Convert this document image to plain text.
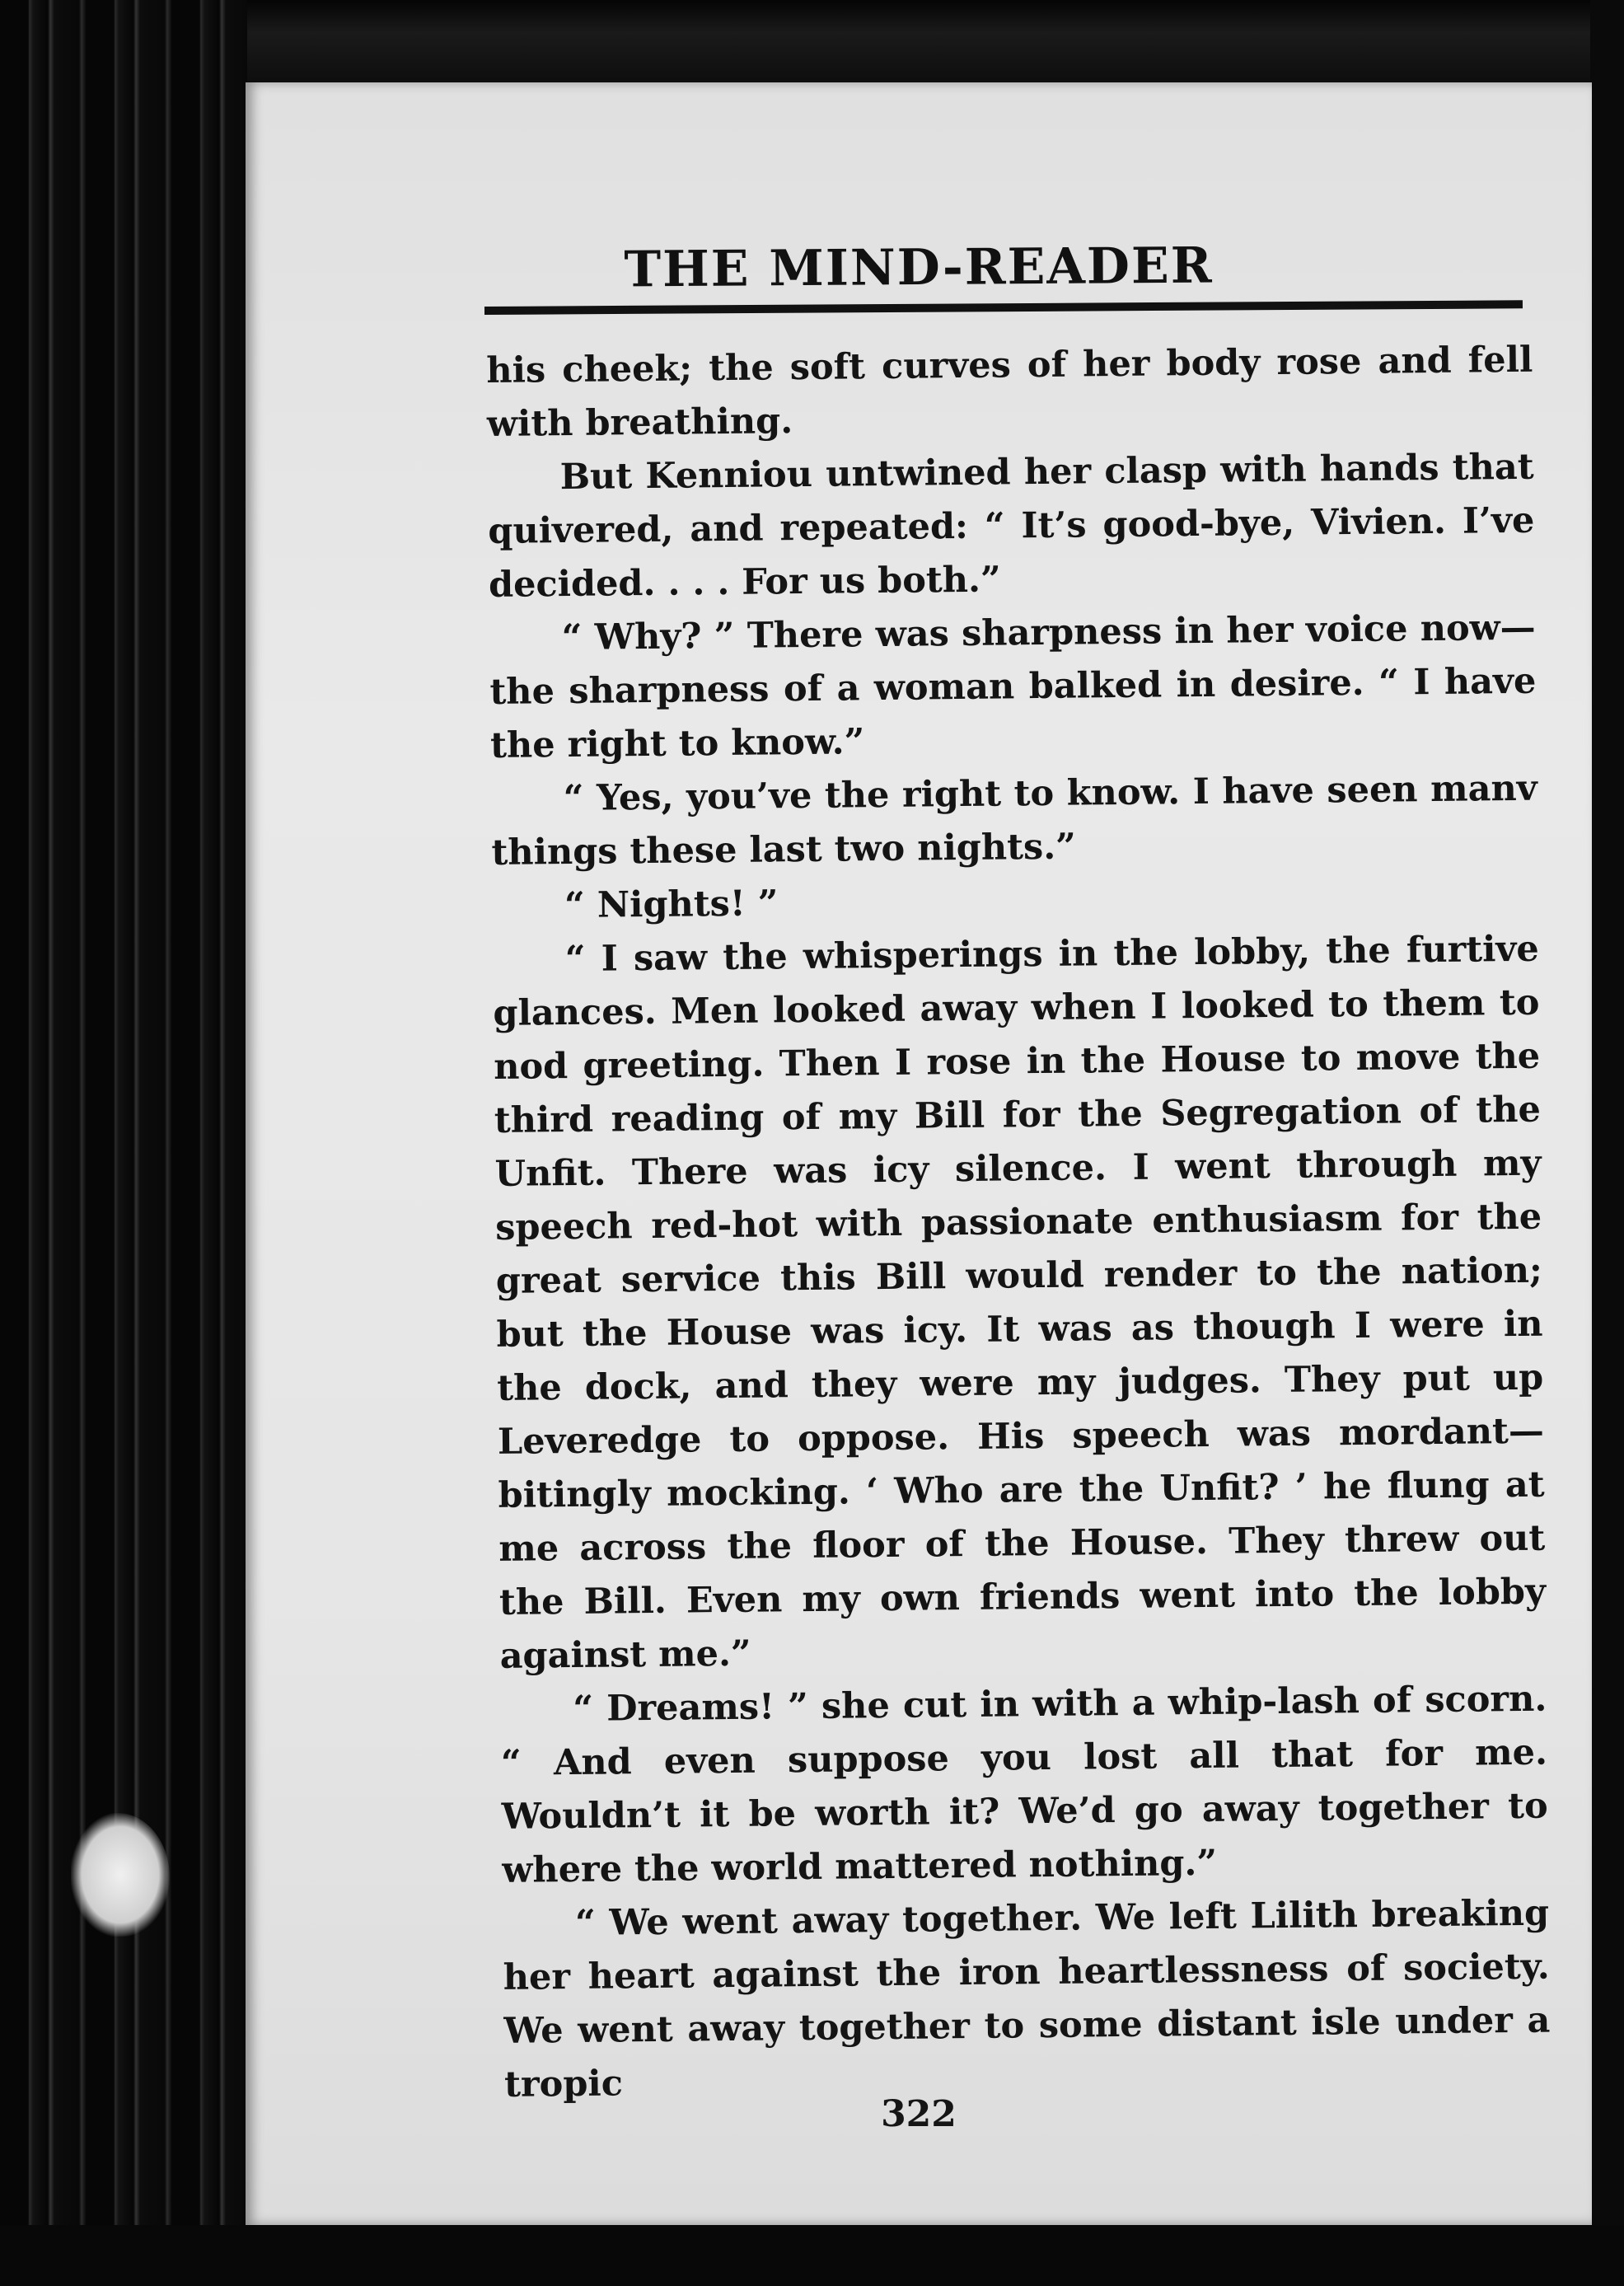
THE MIND-READER

his cheek; the soft curves of her body rose and fell with breathing.

But Kenniou untwined her clasp with hands that quivered, and repeated: “ It’s good-bye, Vivien. I’ve decided. . . . For us both.”

“ Why? ” There was sharpness in her voice now—the sharpness of a woman balked in desire. “ I have the right to know.”

“ Yes, you’ve the right to know. I have seen manv things these last two nights.”

“ Nights! ”

“ I saw the whisperings in the lobby, the furtive glances. Men looked away when I looked to them to nod greeting. Then I rose in the House to move the third reading of my Bill for the Segregation of the Unfit. There was icy silence. I went through my speech red-hot with passionate enthusiasm for the great service this Bill would render to the nation; but the House was icy. It was as though I were in the dock, and they were my judges. They put up Leveredge to oppose. His speech was mordant—bitingly mocking. ‘ Who are the Unfit? ’ he flung at me across the floor of the House. They threw out the Bill. Even my own friends went into the lobby against me.”

“ Dreams! ” she cut in with a whip-lash of scorn. “ And even suppose you lost all that for me. Wouldn’t it be worth it? We’d go away together to where the world mattered nothing.”

“ We went away together. We left Lilith breaking her heart against the iron heartlessness of society. We went away together to some distant isle under a tropic

322
